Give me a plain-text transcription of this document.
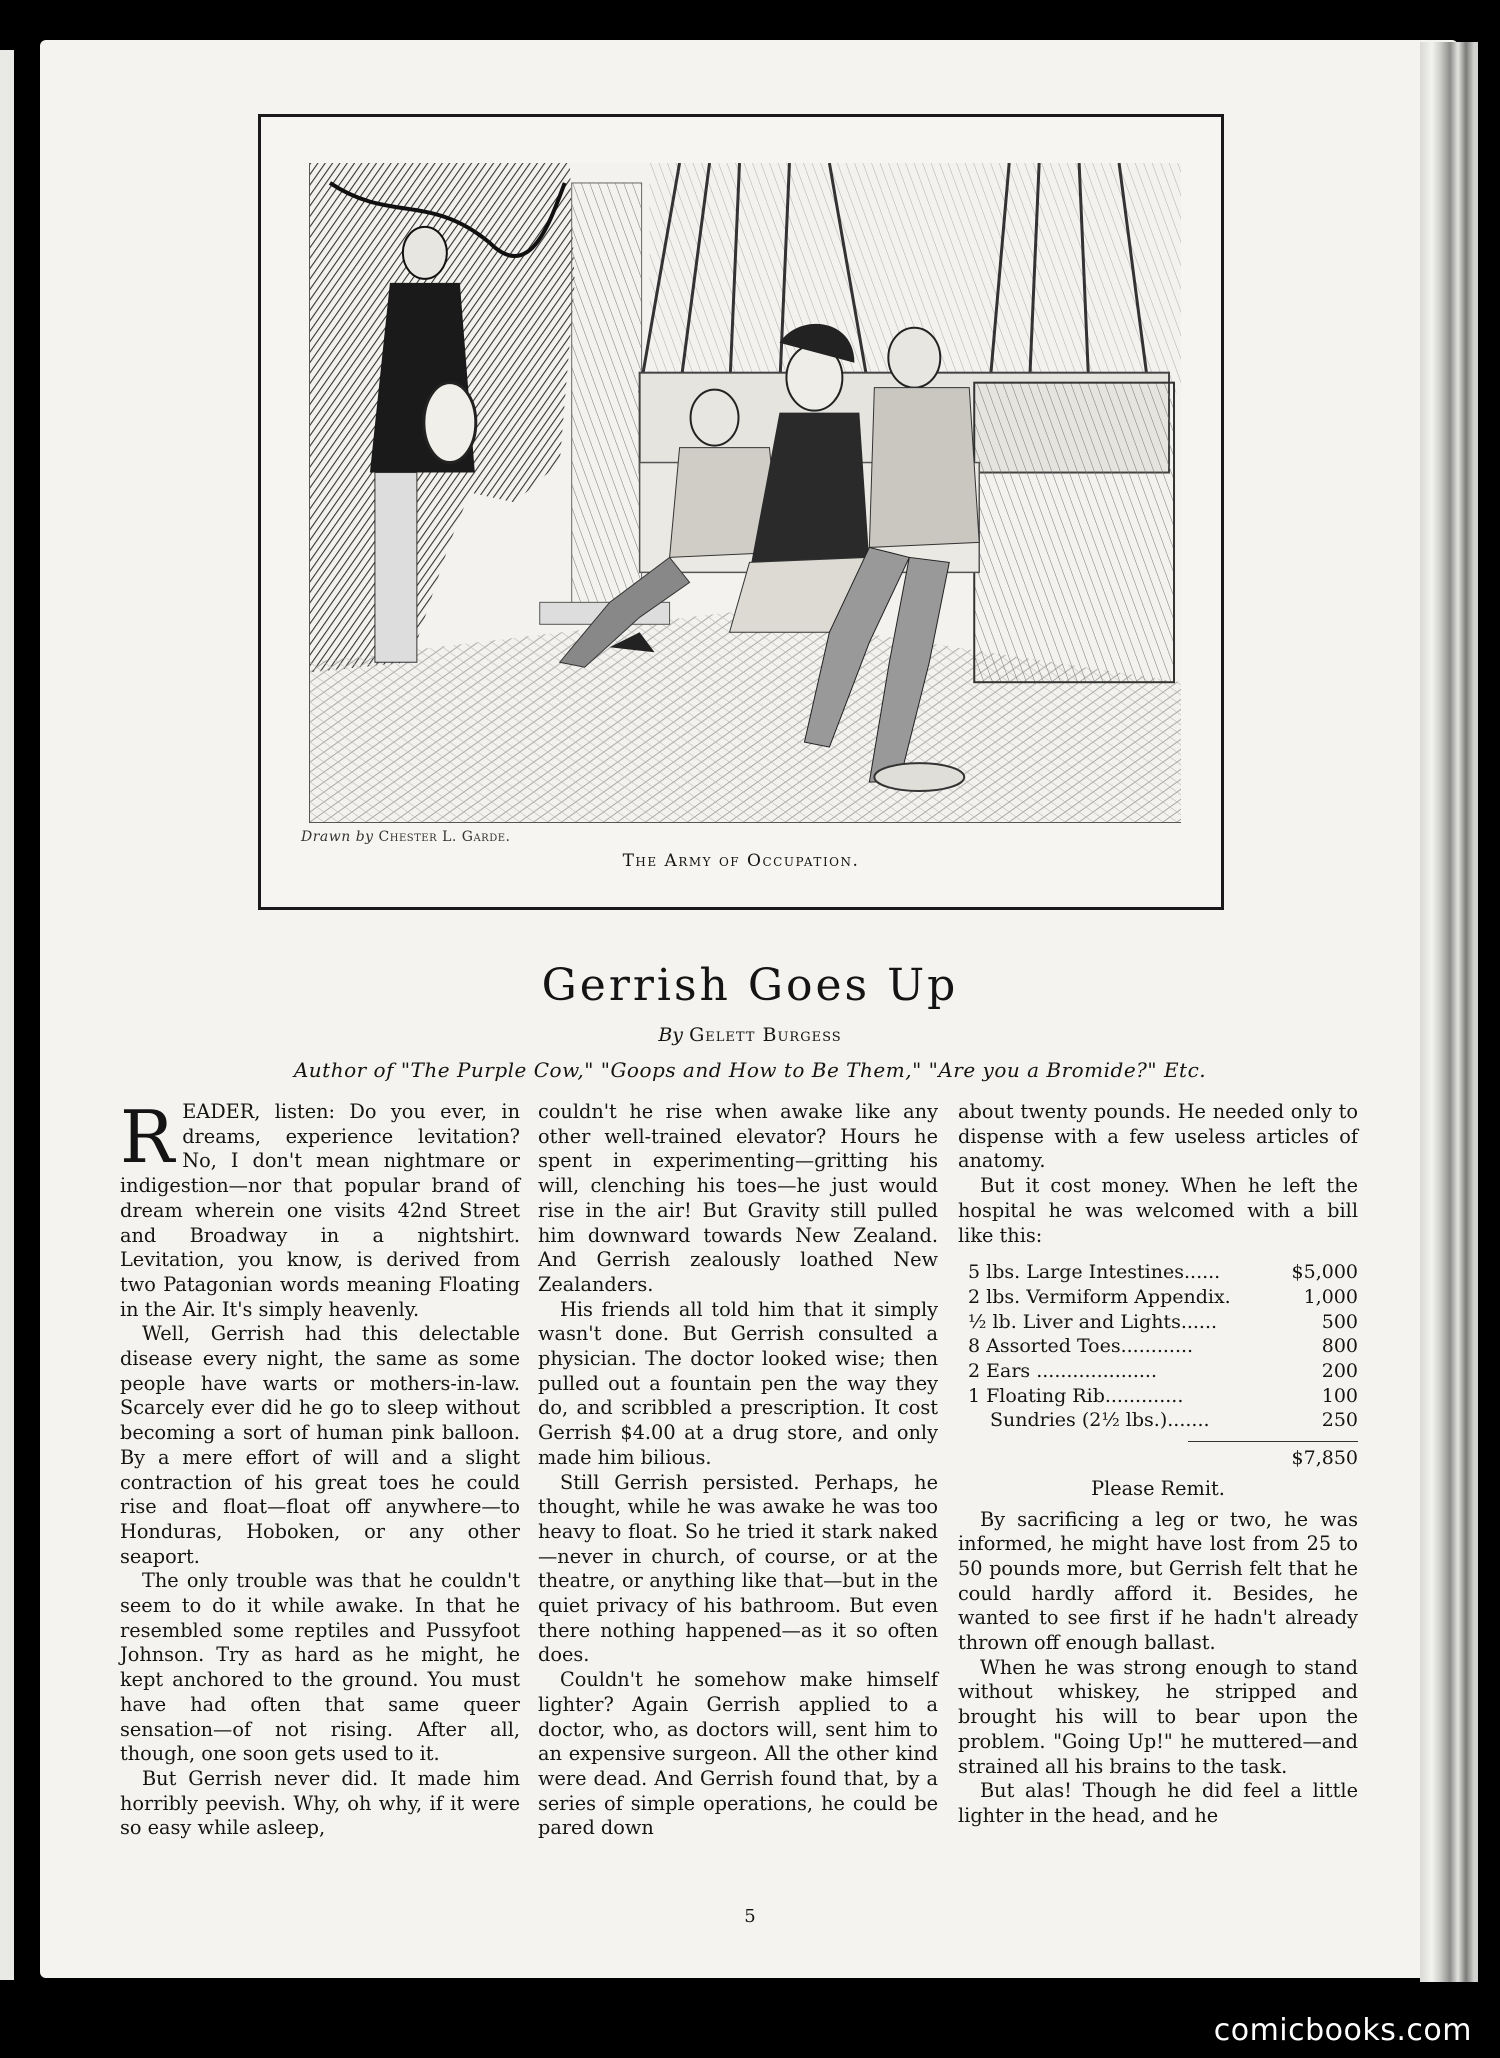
Drawn by Chester L. Garde.
The Army of Occupation.
Gerrish Goes Up
By Gelett Burgess
Author of "The Purple Cow," "Goops and How to Be Them," "Are you a Bromide?" Etc.
R EADER, listen: Do you ever, in dreams, experience levitation? No, I don't mean nightmare or indigestion—nor that popular brand of dream wherein one visits 42nd Street and Broadway in a nightshirt. Levitation, you know, is derived from two Patagonian words meaning Floating in the Air. It's simply heavenly.

Well, Gerrish had this delectable disease every night, the same as some people have warts or mothers-in-law. Scarcely ever did he go to sleep without becoming a sort of human pink balloon. By a mere effort of will and a slight contraction of his great toes he could rise and float—float off anywhere—to Honduras, Hoboken, or any other seaport.

The only trouble was that he couldn't seem to do it while awake. In that he resembled some reptiles and Pussyfoot Johnson. Try as hard as he might, he kept anchored to the ground. You must have had often that same queer sensation—of not rising. After all, though, one soon gets used to it.

But Gerrish never did. It made him horribly peevish. Why, oh why, if it were so easy while asleep,

couldn't he rise when awake like any other well-trained elevator? Hours he spent in experimenting—gritting his will, clenching his toes—he just would rise in the air! But Gravity still pulled him downward towards New Zealand. And Gerrish zealously loathed New Zealanders.

His friends all told him that it simply wasn't done. But Gerrish consulted a physician. The doctor looked wise; then pulled out a fountain pen the way they do, and scribbled a prescription. It cost Gerrish $4.00 at a drug store, and only made him bilious.

Still Gerrish persisted. Perhaps, he thought, while he was awake he was too heavy to float. So he tried it stark naked—never in church, of course, or at the theatre, or anything like that—but in the quiet privacy of his bathroom. But even there nothing happened—as it so often does.

Couldn't he somehow make himself lighter? Again Gerrish applied to a doctor, who, as doctors will, sent him to an expensive surgeon. All the other kind were dead. And Gerrish found that, by a series of simple operations, he could be pared down

about twenty pounds. He needed only to dispense with a few useless articles of anatomy.

But it cost money. When he left the hospital he was welcomed with a bill like this:

5 lbs. Large Intestines......	$5,000
2 lbs. Vermiform Appendix.	1,000
½ lb. Liver and Lights......	500
8 Assorted Toes............	800
2 Ears ....................	200
1 Floating Rib.............	100
Sundries (2½ lbs.).......	250
$7,850
Please Remit.

By sacrificing a leg or two, he was informed, he might have lost from 25 to 50 pounds more, but Gerrish felt that he could hardly afford it. Besides, he wanted to see first if he hadn't already thrown off enough ballast.

When he was strong enough to stand without whiskey, he stripped and brought his will to bear upon the problem. "Going Up!" he muttered—and strained all his brains to the task.

But alas! Though he did feel a little lighter in the head, and he

5
comicbooks.com
